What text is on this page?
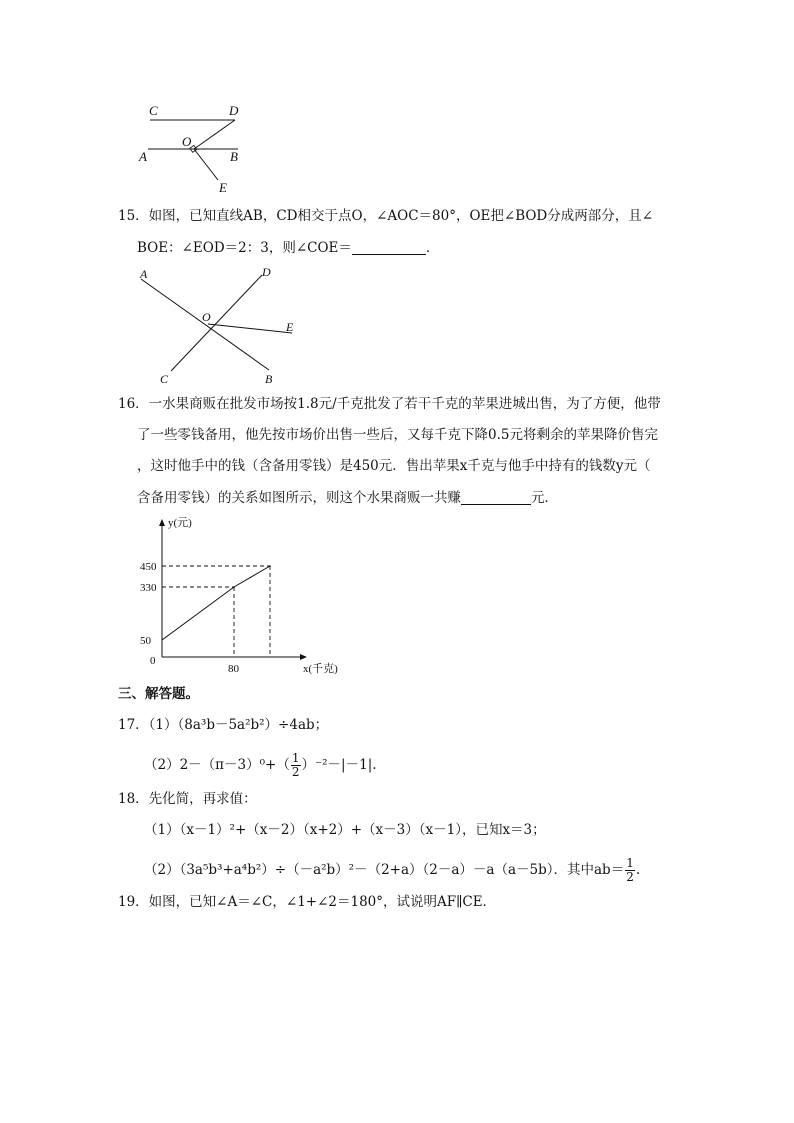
C	D
O
A	B
E
15．如图，已知直线AB，CD相交于点O，∠AOC＝80°，OE把∠BOD分成两部分，且∠
BOE：∠EOD＝2：3，则∠COE＝	．
A	D
O
E
C	B
16．一水果商贩在批发市场按1.8元/千克批发了若干千克的苹果进城出售，为了方便，他带
了一些零钱备用，他先按市场价出售一些后，又每千克下降0.5元将剩余的苹果降价售完
，这时他手中的钱（含备用零钱）是450元．售出苹果x千克与他手中持有的钱数y元（
含备用零钱）的关系如图所示，则这个水果商贩一共赚	元．
y(元)
x(千克)
0
450
330
50
80
三、解答题。
17．（1）（8a³b－5a²b²）÷4ab；
$(2)2-(\pi-3)^0+( \frac{1}{2} )^{-2}-|-1|$.
18．先化简，再求值：
（1）（x－1）²+（x－2）（x+2）+（x－3）（x－1），已知x＝3；
（2）（3a⁵b³+a⁴b²）÷（－a²b）²－（2+a）（2－a）－a（a－5b）．其中$ab= \frac{1}{2}$ .
19．如图，已知∠A＝∠C，∠1+∠2＝180°，试说明AF∥CE．
